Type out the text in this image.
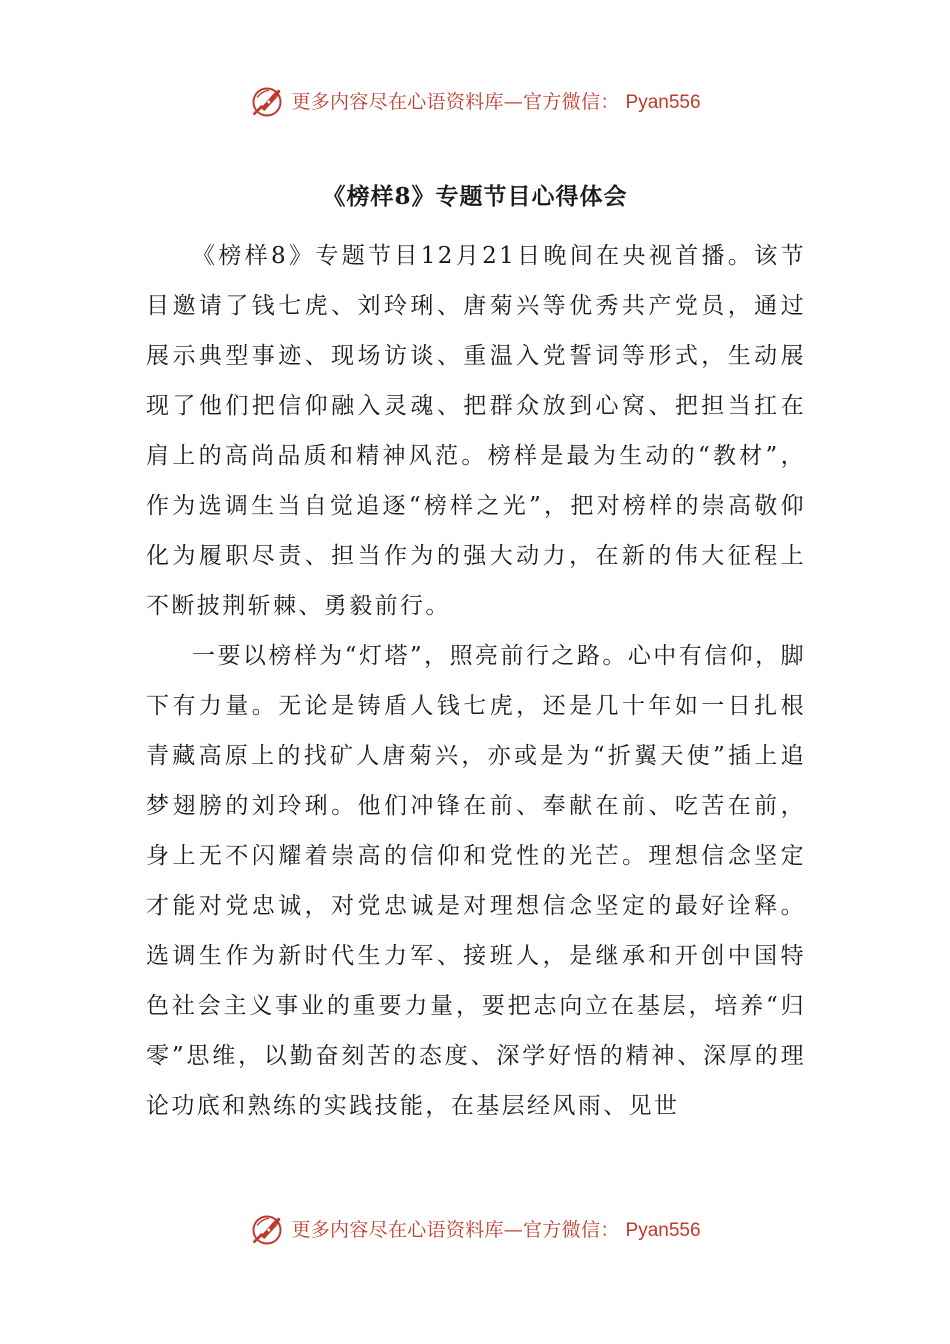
更多内容尽在心语资料库—官方微信： Pyan556
《榜样8》专题节目心得体会

《榜样8》专题节目12月21日晚间在央视首播。该节目邀请了钱七虎、刘玲琍、唐菊兴等优秀共产党员，通过展示典型事迹、现场访谈、重温入党誓词等形式，生动展现了他们把信仰融入灵魂、把群众放到心窝、把担当扛在肩上的高尚品质和精神风范。榜样是最为生动的“教材”，作为选调生当自觉追逐“榜样之光”，把对榜样的崇高敬仰化为履职尽责、担当作为的强大动力，在新的伟大征程上不断披荆斩棘、勇毅前行。

一要以榜样为“灯塔”，照亮前行之路。心中有信仰，脚下有力量。无论是铸盾人钱七虎，还是几十年如一日扎根青藏高原上的找矿人唐菊兴，亦或是为“折翼天使”插上追梦翅膀的刘玲琍。他们冲锋在前、奉献在前、吃苦在前，身上无不闪耀着崇高的信仰和党性的光芒。理想信念坚定才能对党忠诚，对党忠诚是对理想信念坚定的最好诠释。选调生作为新时代生力军、接班人，是继承和开创中国特色社会主义事业的重要力量，要把志向立在基层，培养“归零”思维，以勤奋刻苦的态度、深学好悟的精神、深厚的理论功底和熟练的实践技能，在基层经风雨、见世

更多内容尽在心语资料库—官方微信： Pyan556
